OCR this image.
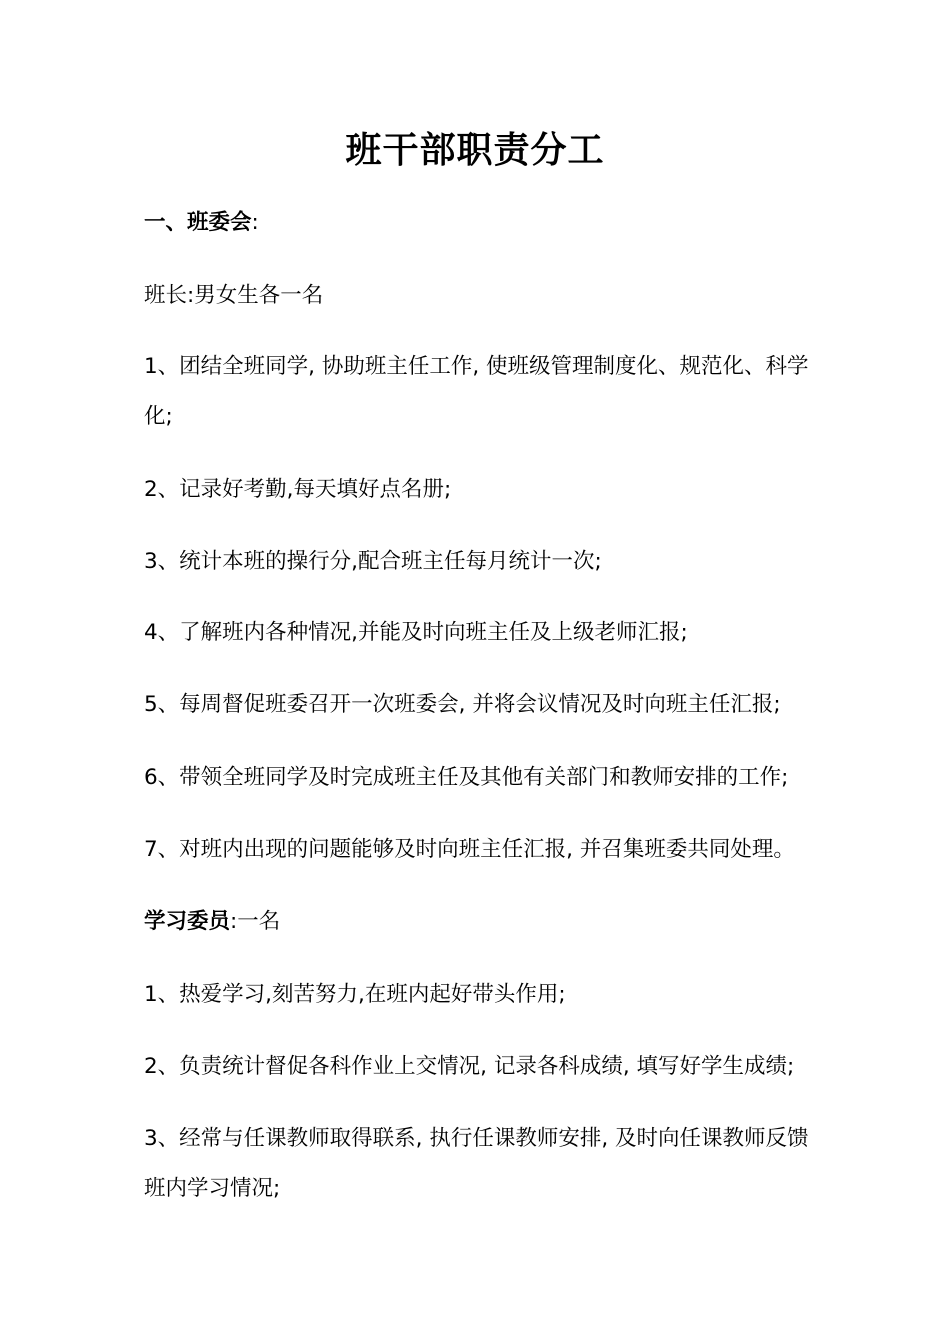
班干部职责分工
一、班委会:
班长:男女生各一名
1、团结全班同学, 协助班主任工作, 使班级管理制度化、规范化、科学化;
2、记录好考勤,每天填好点名册;
3、统计本班的操行分,配合班主任每月统计一次;
4、了解班内各种情况,并能及时向班主任及上级老师汇报;
5、每周督促班委召开一次班委会, 并将会议情况及时向班主任汇报;
6、带领全班同学及时完成班主任及其他有关部门和教师安排的工作;
7、对班内出现的问题能够及时向班主任汇报, 并召集班委共同处理。
学习委员:一名
1、热爱学习,刻苦努力,在班内起好带头作用;
2、负责统计督促各科作业上交情况, 记录各科成绩, 填写好学生成绩;
3、经常与任课教师取得联系, 执行任课教师安排, 及时向任课教师反馈班内学习情况;
